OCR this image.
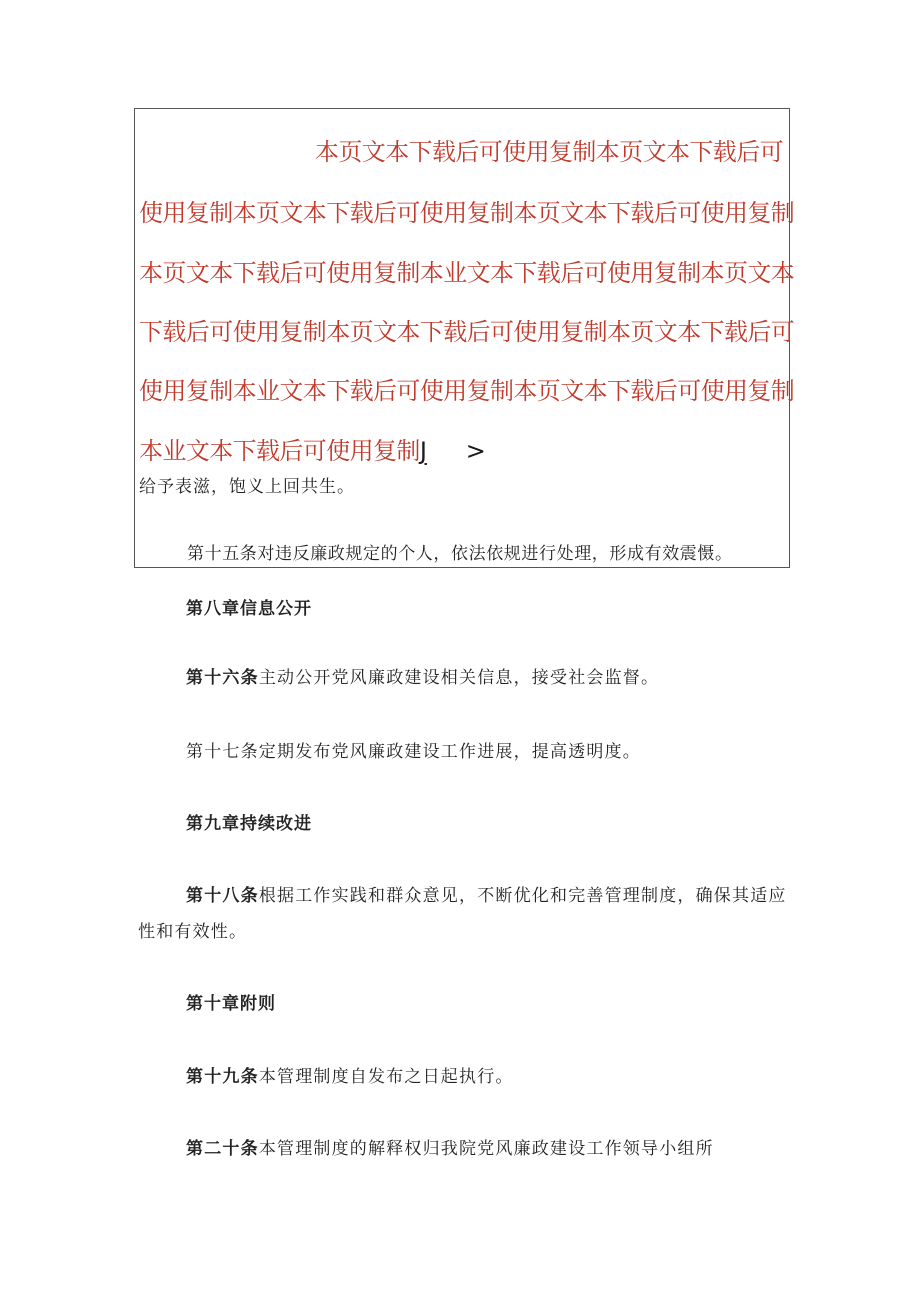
本页文本下载后可使用复制本页文本下载后可
使用复制本页文本下载后可使用复制本页文本下载后可使用复制
本页文本下载后可使用复制本业文本下载后可使用复制本页文本
下载后可使用复制本页文本下载后可使用复制本页文本下载后可
使用复制本业文本下载后可使用复制本页文本下载后可使用复制
本业文本下载后可使用复制J >
给予表滋，饱义上回共生。
第十五条对违反廉政规定的个人，依法依规进行处理，形成有效震慑。
第八章信息公开
第十六条主动公开党风廉政建设相关信息，接受社会监督。
第十七条定期发布党风廉政建设工作进展，提高透明度。
第九章持续改进
第十八条根据工作实践和群众意见，不断优化和完善管理制度，确保其适应性和有效性。
第十章附则
第十九条本管理制度自发布之日起执行。
第二十条本管理制度的解释权归我院党风廉政建设工作领导小组所
